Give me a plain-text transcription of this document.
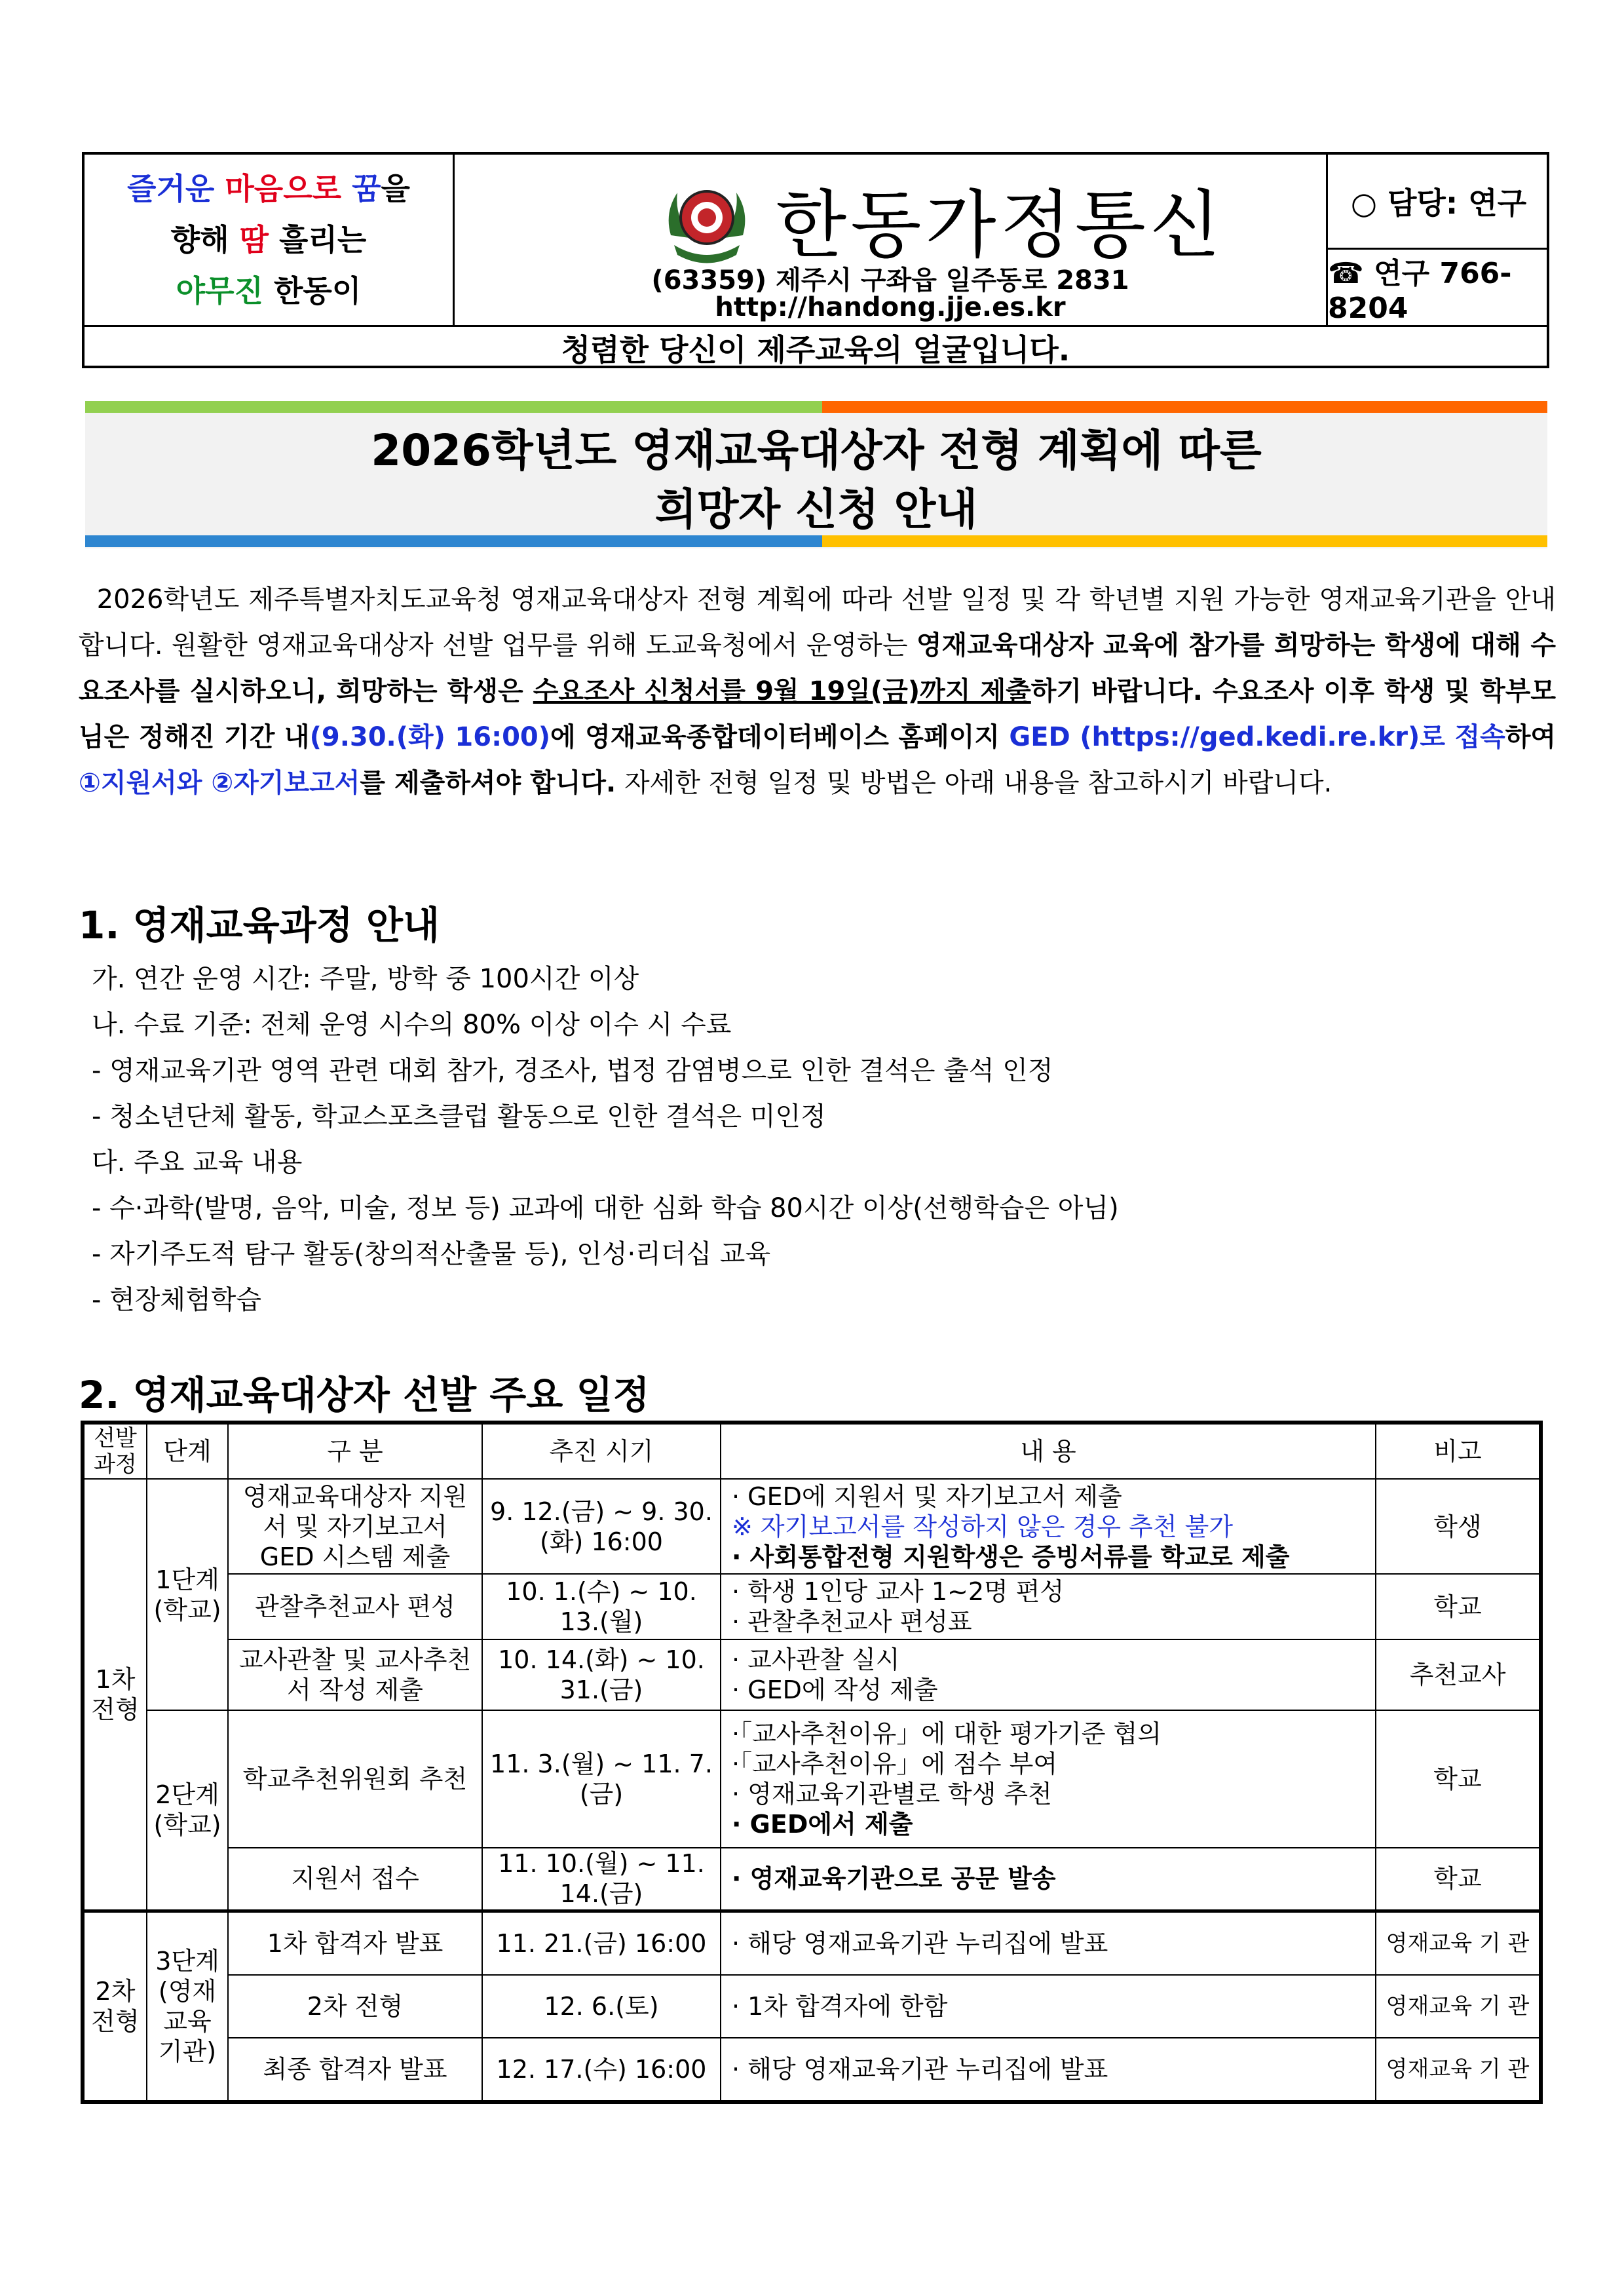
즐거운 마음으로 꿈을
향해 땀 흘리는
야무진 한동이
한동가정통신
(63359) 제주시 구좌읍 일주동로 2831
http://handong.jje.es.kr
○ 담당: 연구
☎ 연구 766-8204
청렴한 당신이 제주교육의 얼굴입니다.
2026학년도 영재교육대상자 전형 계획에 따른
희망자 신청 안내
2026학년도 제주특별자치도교육청 영재교육대상자 전형 계획에 따라 선발 일정 및 각 학년별 지원 가능한 영재교육기관을 안내합니다. 원활한 영재교육대상자 선발 업무를 위해 도교육청에서 운영하는 영재교육대상자 교육에 참가를 희망하는 학생에 대해 수요조사를 실시하오니, 희망하는 학생은 수요조사 신청서를 9월 19일(금)까지 제출하기 바랍니다. 수요조사 이후 학생 및 학부모님은 정해진 기간 내(9.30.(화) 16:00)에 영재교육종합데이터베이스 홈페이지 GED (https://ged.kedi.re.kr)로 접속하여 ①지원서와 ②자기보고서를 제출하셔야 합니다. 자세한 전형 일정 및 방법은 아래 내용을 참고하시기 바랍니다.
1. 영재교육과정 안내
가. 연간 운영 시간: 주말, 방학 중 100시간 이상
나. 수료 기준: 전체 운영 시수의 80% 이상 이수 시 수료
- 영재교육기관 영역 관련 대회 참가, 경조사, 법정 감염병으로 인한 결석은 출석 인정
- 청소년단체 활동, 학교스포츠클럽 활동으로 인한 결석은 미인정
다. 주요 교육 내용
- 수·과학(발명, 음악, 미술, 정보 등) 교과에 대한 심화 학습 80시간 이상(선행학습은 아님)
- 자기주도적 탐구 활동(창의적산출물 등), 인성·리더십 교육
- 현장체험학습
2. 영재교육대상자 선발 주요 일정
선발과정	단계	구 분	추진 시기	내 용	비고
1차 전형	1단계 (학교)	영재교육대상자 지원서 및 자기보고서 GED 시스템 제출	9. 12.(금) ~ 9. 30.(화) 16:00	· GED에 지원서 및 자기보고서 제출
※ 자기보고서를 작성하지 않은 경우 추천 불가
· 사회통합전형 지원학생은 증빙서류를 학교로 제출	학생
		관찰추천교사 편성	10. 1.(수) ~ 10. 13.(월)	· 학생 1인당 교사 1~2명 편성
· 관찰추천교사 편성표	학교
		교사관찰 및 교사추천서 작성 제출	10. 14.(화) ~ 10. 31.(금)	· 교사관찰 실시
· GED에 작성 제출	추천교사
	2단계 (학교)	학교추천위원회 추천	11. 3.(월) ~ 11. 7.(금)	·「교사추천이유」에 대한 평가기준 협의
·「교사추천이유」에 점수 부여
· 영재교육기관별로 학생 추천
· GED에서 제출	학교
		지원서 접수	11. 10.(월) ~ 11. 14.(금)	· 영재교육기관으로 공문 발송	학교
2차 전형	3단계 (영재 교육 기관)	1차 합격자 발표	11. 21.(금) 16:00	· 해당 영재교육기관 누리집에 발표	영재교육 기 관
		2차 전형	12. 6.(토)	· 1차 합격자에 한함	영재교육 기 관
		최종 합격자 발표	12. 17.(수) 16:00	· 해당 영재교육기관 누리집에 발표	영재교육 기 관
